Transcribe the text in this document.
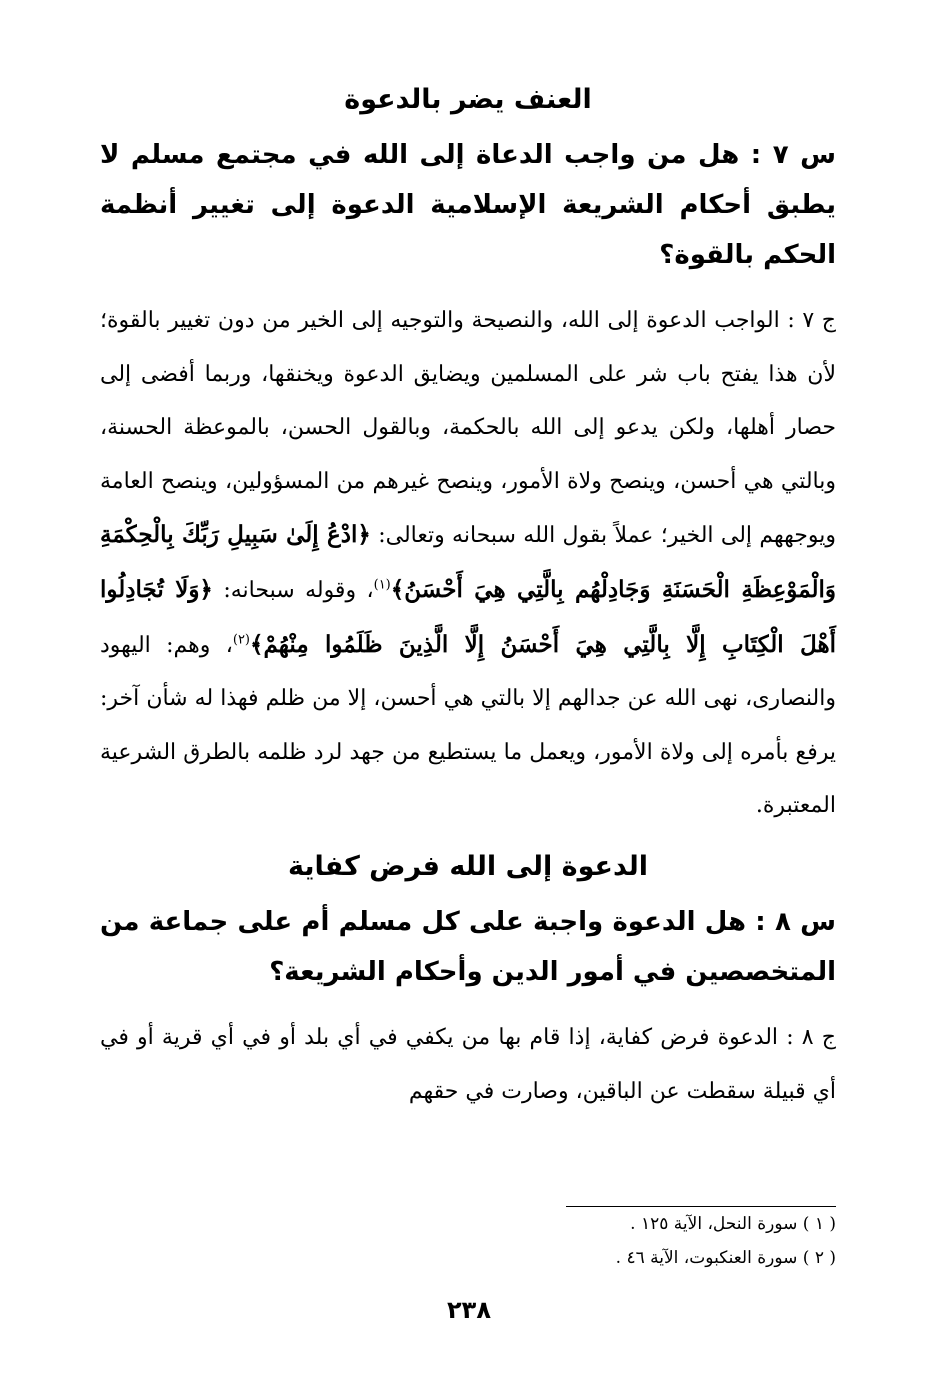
العنف يضر بالدعوة

س ٧ : هل من واجب الدعاة إلى الله في مجتمع مسلم لا يطبق أحكام الشريعة الإسلامية الدعوة إلى تغيير أنظمة الحكم بالقوة؟

ج ٧ : الواجب الدعوة إلى الله، والنصيحة والتوجيه إلى الخير من دون تغيير بالقوة؛ لأن هذا يفتح باب شر على المسلمين ويضايق الدعوة ويخنقها، وربما أفضى إلى حصار أهلها، ولكن يدعو إلى الله بالحكمة، وبالقول الحسن، بالموعظة الحسنة، وبالتي هي أحسن، وينصح ولاة الأمور، وينصح غيرهم من المسؤولين، وينصح العامة ويوجههم إلى الخير؛ عملاً بقول الله سبحانه وتعالى: ﴿ادْعُ إِلَىٰ سَبِيلِ رَبِّكَ بِالْحِكْمَةِ وَالْمَوْعِظَةِ الْحَسَنَةِ وَجَادِلْهُم بِالَّتِي هِيَ أَحْسَنُ﴾$^{(١)}$، وقوله سبحانه: ﴿وَلَا تُجَادِلُوا أَهْلَ الْكِتَابِ إِلَّا بِالَّتِي هِيَ أَحْسَنُ إِلَّا الَّذِينَ ظَلَمُوا مِنْهُمْ﴾$^{(٢)}$، وهم: اليهود والنصارى، نهى الله عن جدالهم إلا بالتي هي أحسن، إلا من ظلم فهذا له شأن آخر: يرفع بأمره إلى ولاة الأمور، ويعمل ما يستطيع من جهد لرد ظلمه بالطرق الشرعية المعتبرة.

الدعوة إلى الله فرض كفاية

س ٨ : هل الدعوة واجبة على كل مسلم أم على جماعة من المتخصصين في أمور الدين وأحكام الشريعة؟

ج ٨ : الدعوة فرض كفاية، إذا قام بها من يكفي في أي بلد أو في أي قرية أو في أي قبيلة سقطت عن الباقين، وصارت في حقهم

( ١ ) سورة النحل، الآية ١٢٥ .
( ٢ ) سورة العنكبوت، الآية ٤٦ .
٢٣٨
